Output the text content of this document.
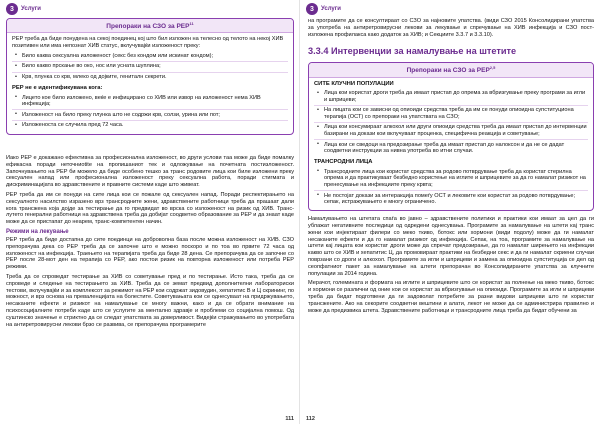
3	Услуги
Препораки на СЗО за PEP$^{11}$
PEP треба да биде понудена на секој поединец кој што бил изложен на телесно од телото на некој ХИВ позитивен или има непознат ХИВ статус, вклучувајќи изложеност преку:
• Било каква сексуална изложеност (секс без кондом или искинат кондом);
• Било какво прскање во око, нос или уснатa шуплина;
• Крв, плунка со крв, млеко од дојките, гениталн секрети.
PEP не е идентификувана кога:
• Лицето кое било изложено, веќе е инфицирано со ХИВ или извор на изложеност нема ХИВ инфекција;
• Изложеност на било преку плунка што не содржи крв, солзи, урина или пот;
• Изложеноста се случила пред 72 часа.

Иако PEP е докажано ефективна за професионална изложеност, во други услови таа може да биде помалку ефикасна поради неточниоtite на пропишаниот тек и одложување на почетната постизложеност. Започнувањето на PEP би можело да биде особено тешко за транс родовите лица кои биле изложени преку сексуален напад или професионална изложеност преку сексуална работа, поради стигмата и дискриминацијата во здравствените и правните системи каде што живеат.

PEP треба да им се понуди на сите лица кои се пожале од сексуален напад. Поради респектирањето на сексуалното насилство изразено врз трансродните жени, здравствените работници треба да прашаат дали кога трансжена која дојде за тестирање да го предвидат во врска со изложеност на ризик од ХИВ. Транс-лутето генерални работници на здравствена треба да добијат соодветно образование за PEP и да знаат каде може да се пристапат до неарем, транс-компетентен начин.

Режими на лекување

PEP треба да биде достапна до сите поединци на доброволна база после можна изложеност на ХИВ. СЗО препорачува дека со PEP треба да се започне што е можно поскоро и по тоа во првите 72 часа од изложеност на инфекција. Траењето на терапијата треба да биде 28 дена. Се препорачува да се започне со PEP после 28-мот ден на терапија со PEP, ако постои ризик на повторна изложеност или потреба PEP режими.

Треба да се спроведат тестирање за ХИВ со советување пред и по тестирање. Исто така, треба да се спроведе и следење на тестирањето за ХИВ. Треба да се земат предвид дополнителни лабораториски тестови, вклучувајќи и за комплексот за режимот на PEP кои содржат зидовудин, хепатитис B и Ц скрининг, по можност, и врз основа на преваленцијата на болестите. Советувањата кои се однесуваат на придржувањето, несаканите ефекти и ризикот на намалување се многу важни, како и да се обрати внимание на психосоцијалните потреби каде што се услугите за ментално здравје и проблеми со социјална помош. Од суштинско значење е стриктно да се следат упатствата за доверливост. Видејќи стражувањето во употребата на антиретровирусни лекови брзо се развива, се препорачува програмерите

111
3	Услуги

на програмите да се консултираат со СЗО за најновите упатства. (види СЗО 2015 Консолидирани упатства за употреба на антиретровирусни лекови за лекување и спречување на ХИВ инфекција и СЗО пост-изложена профилакса како додаток за ХИВ; и Секциите 3.3.7 и 3.3.10).

3.3.4 Интервенции за намалување на штетите
Препораки на СЗО за PEP$^{2,5}$
СИТЕ КЛУЧНИ ПОПУЛАЦИИ
• Лица кои користат дроги треба да имаат пристап до опрема за вбризгување преку програми за игли и шприцеви;
• На лицата кои се зависни од опиоиди средства треба да им се понуди опиоидна супституциона терапија (ОСТ) со препораки на упатствата на СЗО;
• Лица кои консумираат алкохол или други опиоиди средства треба да имаат пристап до интервенции базирани на докази кои вклучуваат проценка, специфична реакција и советување;
• Лица кои се сведоци на предозирање треба да имаат пристап до налоксон и да не се дадат соодветни инструкции за нивна употреба во итни случаи.
ТРАНСРОДНИ ЛИЦА
• Трансродните лица кои користат средства за родово потврдување треба да користат стерилна опрема и да практикуваат безбедно користење на иглите и шприцевите за да го намалат ризикот на пренесување на инфекциите преку крвта;
• Не постојат докази за интеракција помеѓу ОСТ и лековите кои користат за родово потврдување; сепак, истражувањето е многу ограничено.

Намалувањето на штетата спаѓа во јавно – здравствените политики и практики кои имаат за цел да ги ублажат негативните последици од одредени однесувања. Програмите за намалување на штети кај транс жени кои инјектираат филери со меко ткиво, ботокс или хормони (види подолу) може да ги намалат несаканите ефекти и да го намалат ризикот од инфекција. Сепак, на тоа, програмите за намалување на штети кај лицата кои користат дроги може да спречат предозирање, да го намалат ширењето на инфекции какво што се ХИВ и хепатитис Ц, да промовираат практики на безбедни секс и да ги намалат скриени случаи поврзани со дроги и алкохол. Програмите за игли и шприцеви и замена за опиоидна супституција се дел од сеопфатниот пакет за намалување на штети препорачан во Консолидираните упатства за клучните популации за 2014 година.

Мерачот, големината и формата на иглите и шприцевите што се користат за полнење на меко ткиво, ботокс и хормони се различни од оние кои се користат за вбризгување на опиоиди. Програмите за игли и шприцеви треба да бидат подготвени да ги задоволат потребите за разни видови шприцеви што ги користат трансжените. Ако на секорите соодветни вештини и алати, лекот не може да се администрира правилно и може да предизвика штета. Здравствените работници и трансродните лица треба да бидат обучени за

112
